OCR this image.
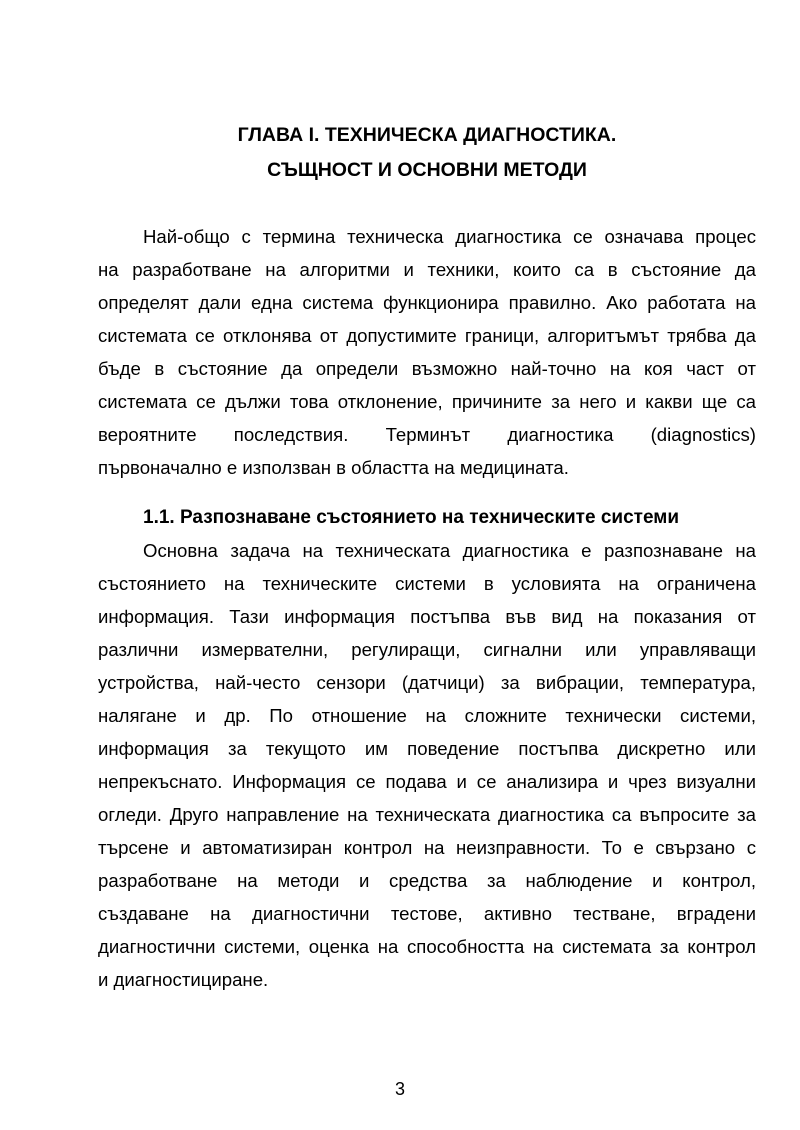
ГЛАВА I. ТЕХНИЧЕСКА ДИАГНОСТИКА.
СЪЩНОСТ И ОСНОВНИ МЕТОДИ
Най-общо с термина техническа диагностика се означава процес
на разработване на алгоритми и техники, които са в състояние да
определят дали една система функционира правилно. Ако работата на
системата се отклонява от допустимите граници, алгоритъмът трябва да
бъде в състояние да определи възможно най-точно на коя част от
системата се дължи това отклонение, причините за него и какви ще са
вероятните последствия. Терминът диагностика (diagnostics)
първоначално е използван в областта на медицината.
1.1. Разпознаване състоянието на техническите системи
Основна задача на техническата диагностика е разпознаване на
състоянието на техническите системи в условията на ограничена
информация. Тази информация постъпва във вид на показания от
различни измервателни, регулиращи, сигнални или управляващи
устройства, най-често сензори (датчици) за вибрации, температура,
налягане и др. По отношение на сложните технически системи,
информация за текущото им поведение постъпва дискретно или
непрекъснато. Информация се подава и се анализира и чрез визуални
огледи. Друго направление на техническата диагностика са въпросите за
търсене и автоматизиран контрол на неизправности. То е свързано с
разработване на методи и средства за наблюдение и контрол,
създаване на диагностични тестове, активно тестване, вградени
диагностични системи, оценка на способността на системата за контрол
и диагностициране.
3
